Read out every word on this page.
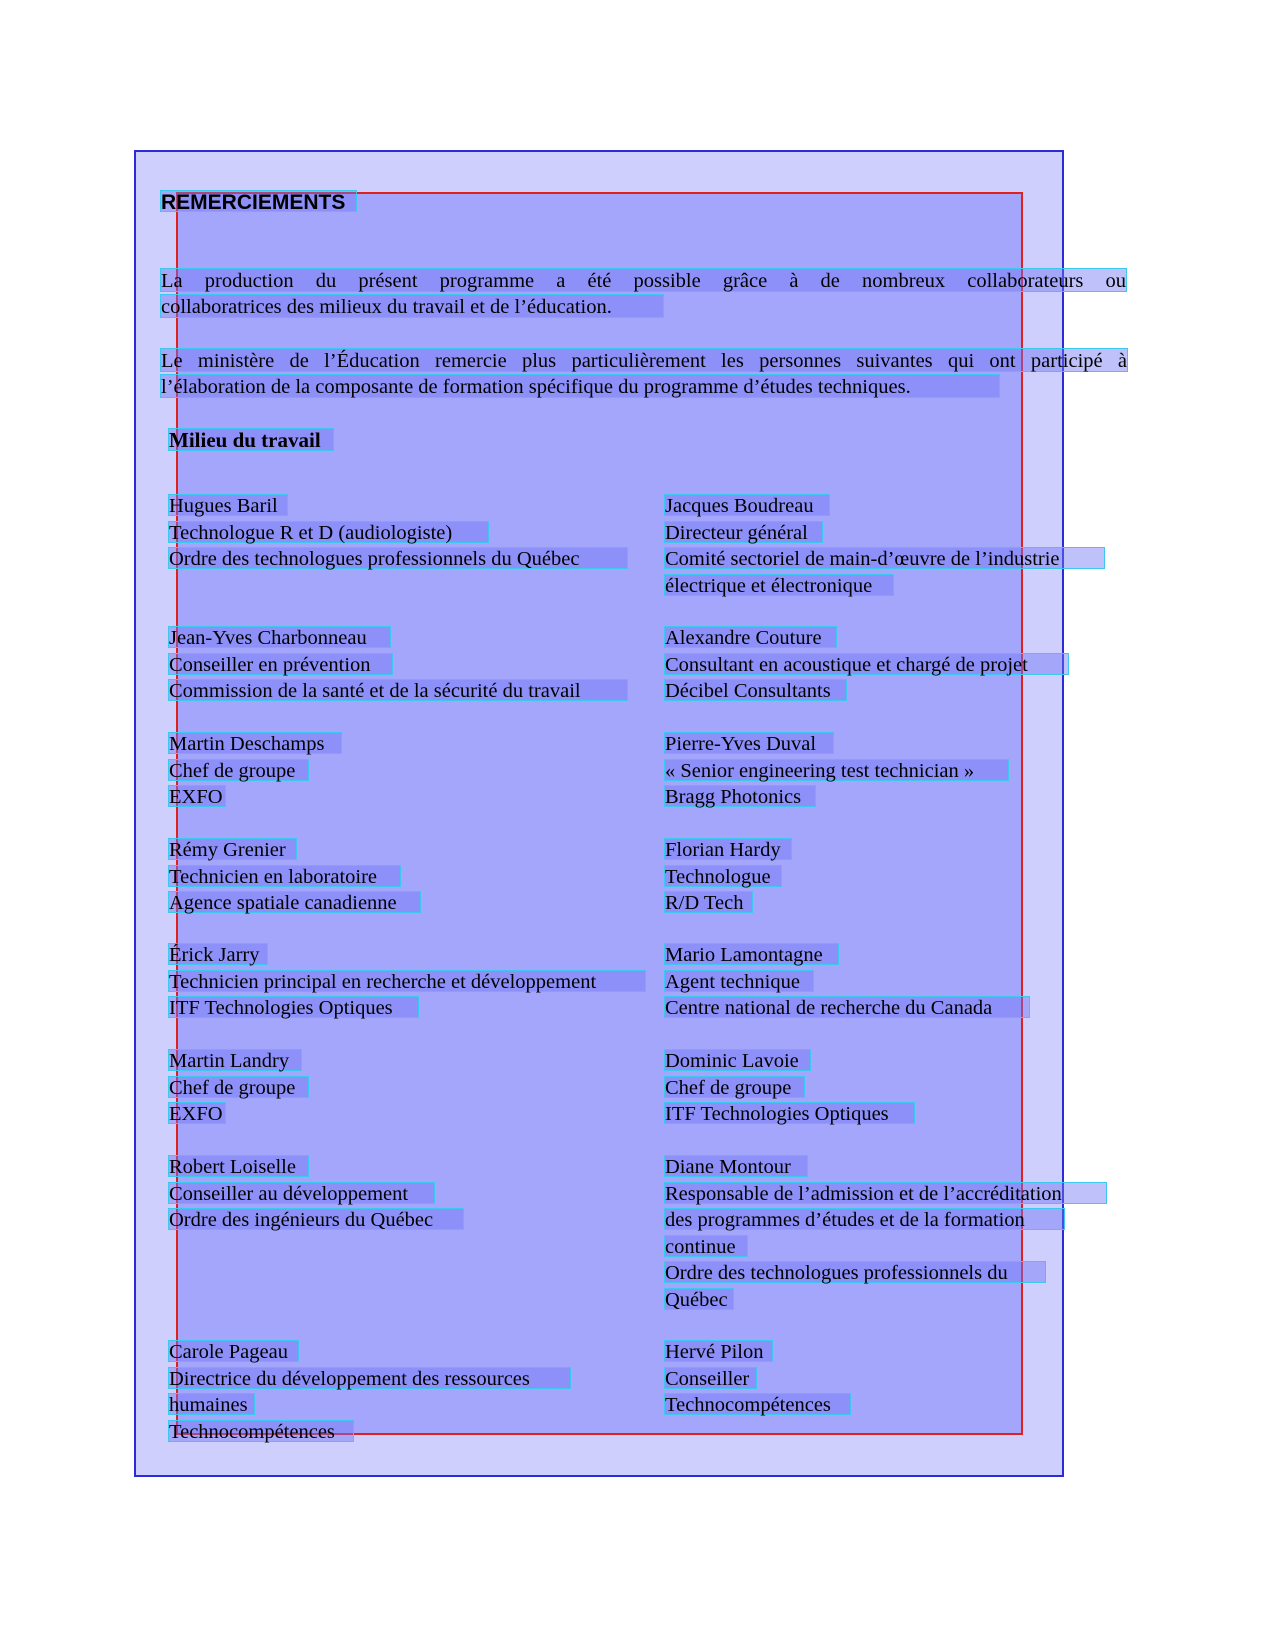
REMERCIEMENTS
La production du présent programme a été possible grâce à de nombreux collaborateurs ou
collaboratrices des milieux du travail et de l’éducation.
Le ministère de l’Éducation remercie plus particulièrement les personnes suivantes qui ont participé à
l’élaboration de la composante de formation spécifique du programme d’études techniques.
Milieu du travail
Hugues Baril
Technologue R et D (audiologiste)
Ordre des technologues professionnels du Québec
Jean-Yves Charbonneau
Conseiller en prévention
Commission de la santé et de la sécurité du travail
Martin Deschamps
Chef de groupe
EXFO
Rémy Grenier
Technicien en laboratoire
Agence spatiale canadienne
Érick Jarry
Technicien principal en recherche et développement
ITF Technologies Optiques
Martin Landry
Chef de groupe
EXFO
Robert Loiselle
Conseiller au développement
Ordre des ingénieurs du Québec
Carole Pageau
Directrice du développement des ressources
humaines
Technocompétences
Jacques Boudreau
Directeur général
Comité sectoriel de main-d’œuvre de l’industrie
électrique et électronique
Alexandre Couture
Consultant en acoustique et chargé de projet
Décibel Consultants
Pierre-Yves Duval
« Senior engineering test technician »
Bragg Photonics
Florian Hardy
Technologue
R/D Tech
Mario Lamontagne
Agent technique
Centre national de recherche du Canada
Dominic Lavoie
Chef de groupe
ITF Technologies Optiques
Diane Montour
Responsable de l’admission et de l’accréditation
des programmes d’études et de la formation
continue
Ordre des technologues professionnels du
Québec
Hervé Pilon
Conseiller
Technocompétences
